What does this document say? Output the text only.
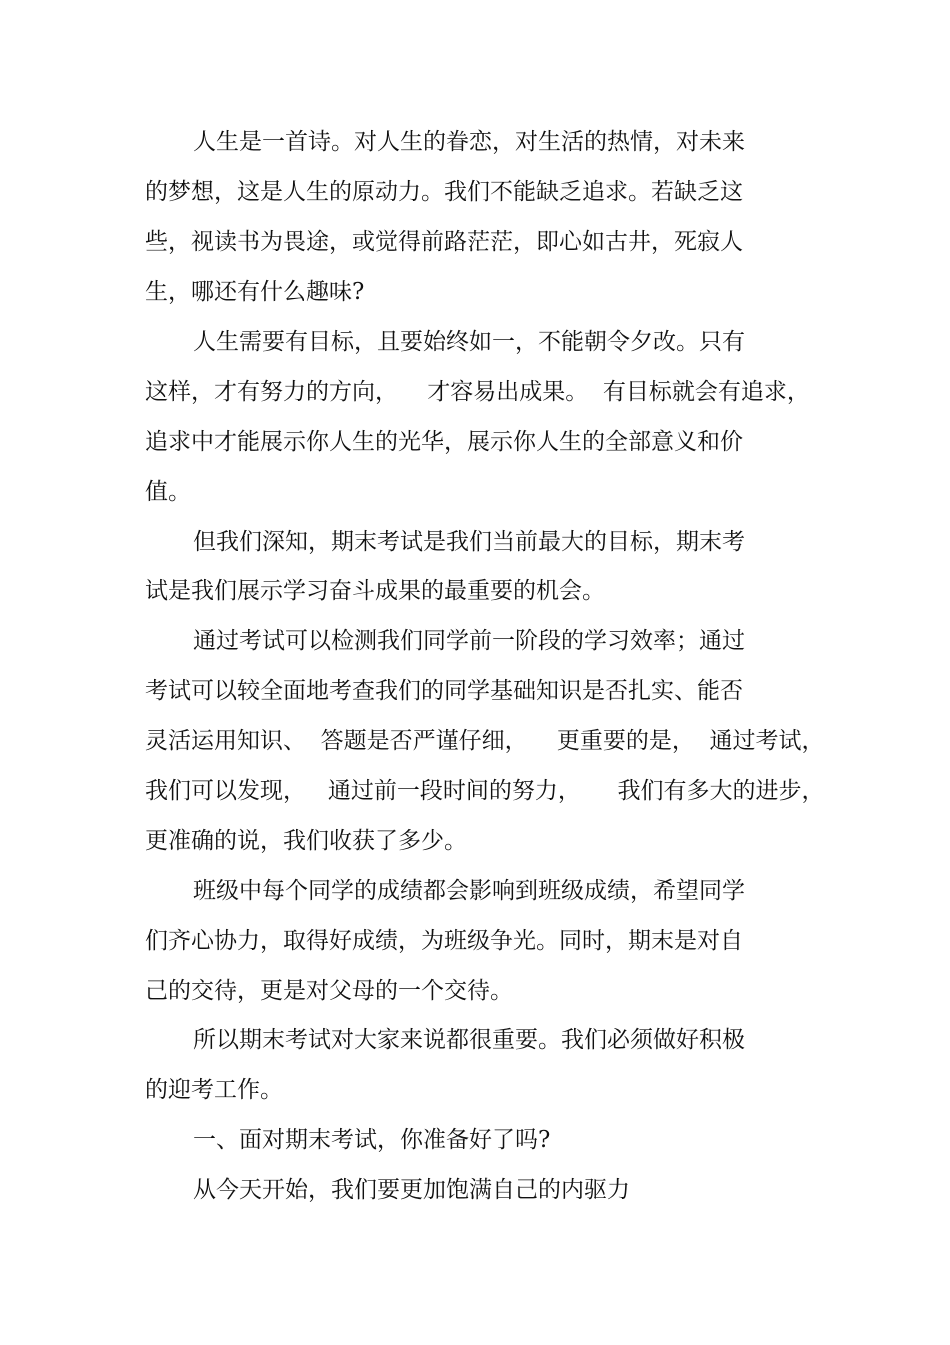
人生是一首诗。对人生的眷恋，对生活的热情，对未来
的梦想，这是人生的原动力。我们不能缺乏追求。若缺乏这
些，视读书为畏途，或觉得前路茫茫，即心如古井，死寂人
生，哪还有什么趣味?
人生需要有目标，且要始终如一，不能朝令夕改。只有
这样，才有努力的方向，    才容易出成果。  有目标就会有追求，
追求中才能展示你人生的光华，展示你人生的全部意义和价
值。
但我们深知，期末考试是我们当前最大的目标，期末考
试是我们展示学习奋斗成果的最重要的机会。
通过考试可以检测我们同学前一阶段的学习效率；通过
考试可以较全面地考查我们的同学基础知识是否扎实、能否
灵活运用知识、  答题是否严谨仔细，    更重要的是，  通过考试，
我们可以发现，   通过前一段时间的努力，     我们有多大的进步，
更准确的说，我们收获了多少。
班级中每个同学的成绩都会影响到班级成绩，希望同学
们齐心协力，取得好成绩，为班级争光。同时，期末是对自
己的交待，更是对父母的一个交待。
所以期末考试对大家来说都很重要。我们必须做好积极
的迎考工作。
一、面对期末考试，你准备好了吗?
从今天开始，我们要更加饱满自己的内驱力
